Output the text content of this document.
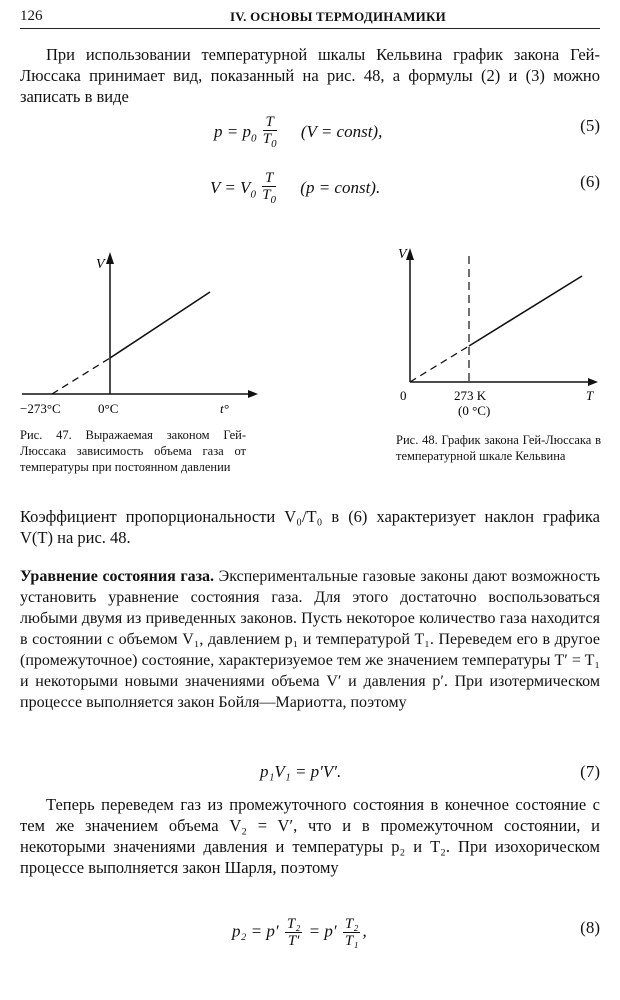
126	IV. ОСНОВЫ ТЕРМОДИНАМИКИ

При использовании температурной шкалы Кельвина график закона Гей-Люссака принимает вид, показанный на рис. 48, а формулы (2) и (3) можно записать в виде

$p = p_0 \frac{T}{T_0} (V$ = const),	(5)
$V = V_0 \frac{T}{T_0} (p$ = const).	(6)
V
−273°C	0°C	t°

Рис. 47. Выражаемая законом Гей-Люссака зависимость объема газа от температуры при постоянном давлении

V
0	273 K
(0 °C)
T

Рис. 48. График закона Гей-Люссака в температурной шкале Кельвина

Коэффициент пропорциональности V₀/T₀ в (6) характеризует наклон графика V(T) на рис. 48.

Уравнение состояния газа. Экспериментальные газовые законы дают возможность установить уравнение состояния газа. Для этого достаточно воспользоваться любыми двумя из приведенных законов. Пусть некоторое количество газа находится в состоянии с объемом V₁, давлением p₁ и температурой T₁. Переведем его в другое (промежуточное) состояние, характеризуемое тем же значением температуры T′ = T₁ и некоторыми новыми значениями объема V′ и давления p′. При изотермическом процессе выполняется закон Бойля—Мариотта, поэтому

p₁V₁ = p′V′.	(7)

Теперь переведем газ из промежуточного состояния в конечное состояние с тем же значением объема V₂ = V′, что и в промежуточном состоянии, и некоторыми значениями давления и температуры p₂ и T₂. При изохорическом процессе выполняется закон Шарля, поэтому

$p_2 = p' \frac{\text{T₂}}{T'} = p' \frac{\text{T₂}}{\text{T₁}}$ ,	(8)
